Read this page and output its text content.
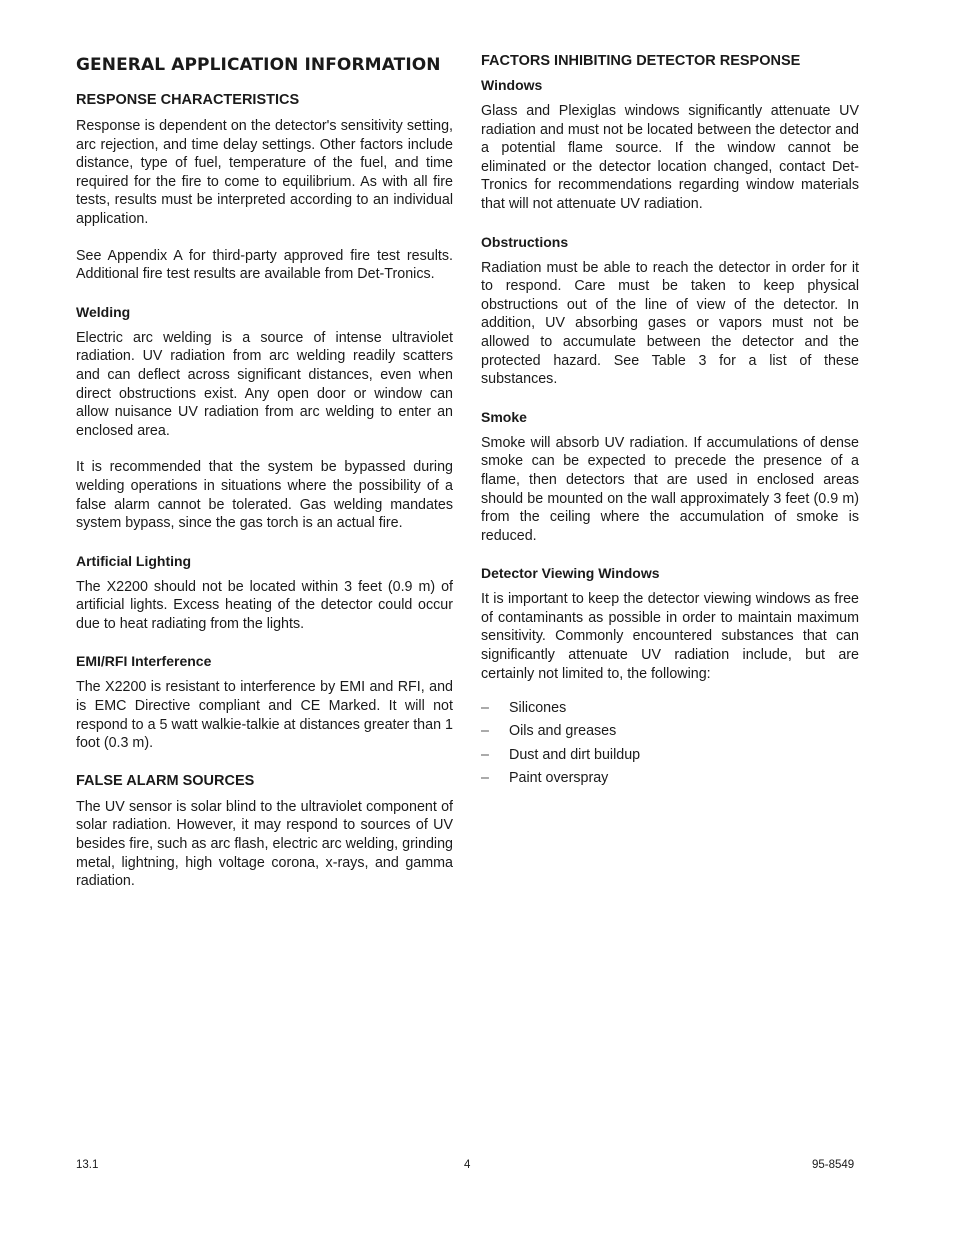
GENERAL APPLICATION INFORMATION
RESPONSE CHARACTERISTICS

Response is dependent on the detector's sensitivity setting, arc rejection, and time delay settings. Other factors include distance, type of fuel, temperature of the fuel, and time required for the fire to come to equilibrium. As with all fire tests, results must be interpreted according to an individual application.

See Appendix A for third-party approved fire test results. Additional fire test results are available from Det-Tronics.

Welding

Electric arc welding is a source of intense ultraviolet radiation. UV radiation from arc welding readily scatters and can deflect across significant distances, even when direct obstructions exist. Any open door or window can allow nuisance UV radiation from arc welding to enter an enclosed area.

It is recommended that the system be bypassed during welding operations in situations where the possibility of a false alarm cannot be tolerated. Gas welding mandates system bypass, since the gas torch is an actual fire.

Artificial Lighting

The X2200 should not be located within 3 feet (0.9 m) of artificial lights. Excess heating of the detector could occur due to heat radiating from the lights.

EMI/RFI Interference

The X2200 is resistant to interference by EMI and RFI, and is EMC Directive compliant and CE Marked. It will not respond to a 5 watt walkie-talkie at distances greater than 1 foot (0.3 m).

FALSE ALARM SOURCES

The UV sensor is solar blind to the ultraviolet component of solar radiation. However, it may respond to sources of UV besides fire, such as arc flash, electric arc welding, grinding metal, lightning, high voltage corona, x-rays, and gamma radiation.

FACTORS INHIBITING DETECTOR RESPONSE
Windows

Glass and Plexiglas windows significantly attenuate UV radiation and must not be located between the detector and a potential flame source. If the window cannot be eliminated or the detector location changed, contact Det-Tronics for recommendations regarding window materials that will not attenuate UV radiation.

Obstructions

Radiation must be able to reach the detector in order for it to respond. Care must be taken to keep physical obstructions out of the line of view of the detector. In addition, UV absorbing gases or vapors must not be allowed to accumulate between the detector and the protected hazard. See Table 3 for a list of these substances.

Smoke

Smoke will absorb UV radiation. If accumulations of dense smoke can be expected to precede the presence of a flame, then detectors that are used in enclosed areas should be mounted on the wall approximately 3 feet (0.9 m) from the ceiling where the accumulation of smoke is reduced.

Detector Viewing Windows

It is important to keep the detector viewing windows as free of contaminants as possible in order to maintain maximum sensitivity. Commonly encountered substances that can significantly attenuate UV radiation include, but are certainly not limited to, the following:

– Silicones
– Oils and greases
– Dust and dirt buildup
– Paint overspray
13.1	4	95-8549
